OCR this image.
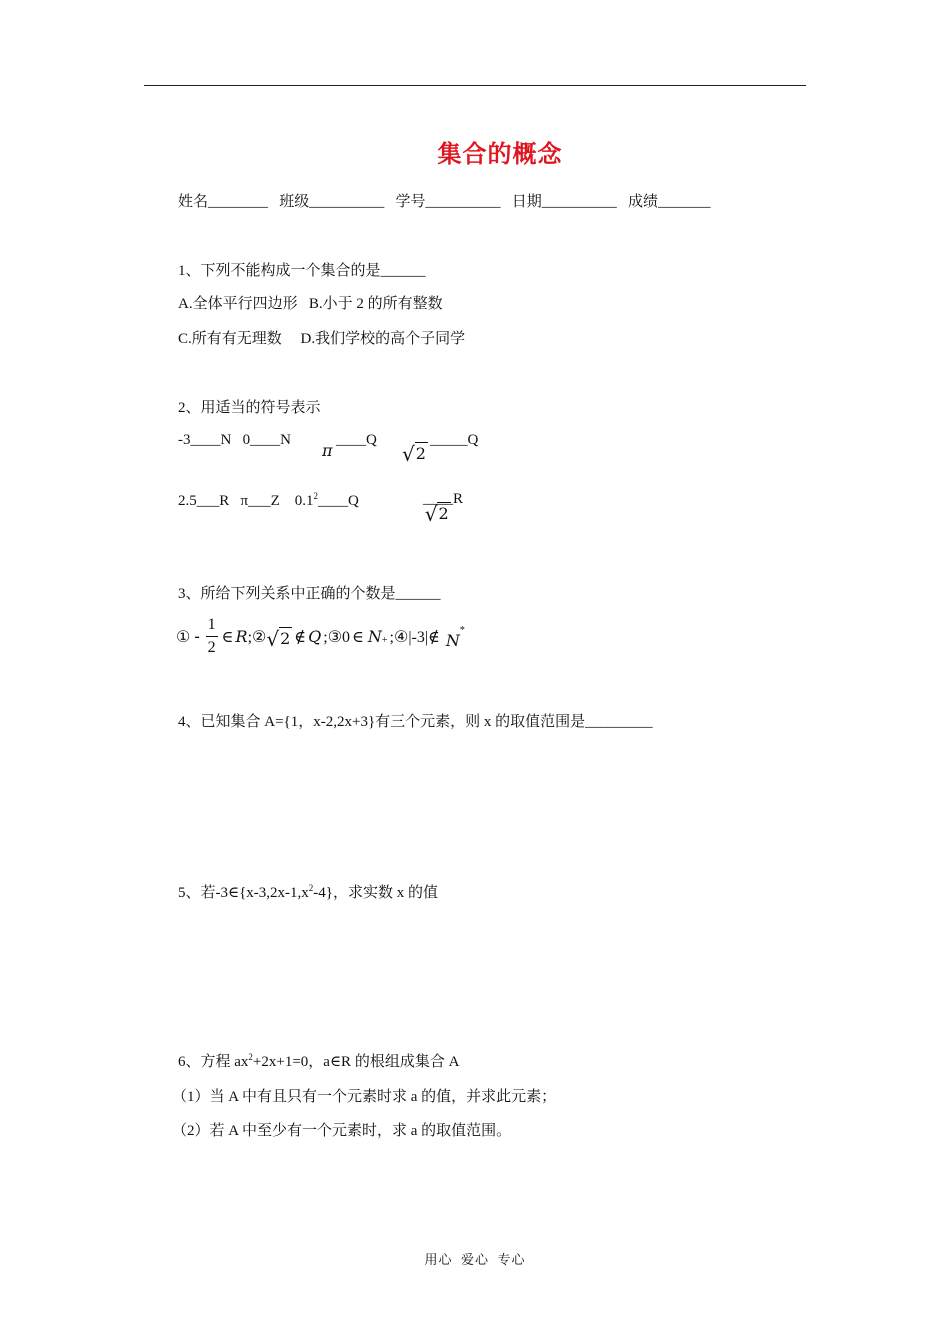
集合的概念
姓名________   班级__________   学号__________   日期__________   成绩_______
1、下列不能构成一个集合的是______
A.全体平行四边形   B.小于 2 的所有整数
C.所有有无理数     D.我们学校的高个子同学
2、用适当的符号表示
-3____N   0____N
π
____Q
√2
_____Q
2.5___R   π___Z    $0.1^2\_\_\_\_Q$
√2
____R
3、所给下列关系中正确的个数是______
① - $\frac{1}{2}$ ∈ R ;② √2 ∉ Q ;③0 ∈ $N_+$ ;④|-3|∉ N
*
4、已知集合 A={1，x-2,2x+3}有三个元素，则 x 的取值范围是_________
5、若$-3\in\{x-3,2x-1,x^2-4\}$，求实数 x 的值
6、方程 $ax^2+2x+1=0$，a∈R 的根组成集合 A
（1）当 A 中有且只有一个元素时求 a 的值，并求此元素；
（2）若 A 中至少有一个元素时，求 a 的取值范围。
用心  爱心  专心
